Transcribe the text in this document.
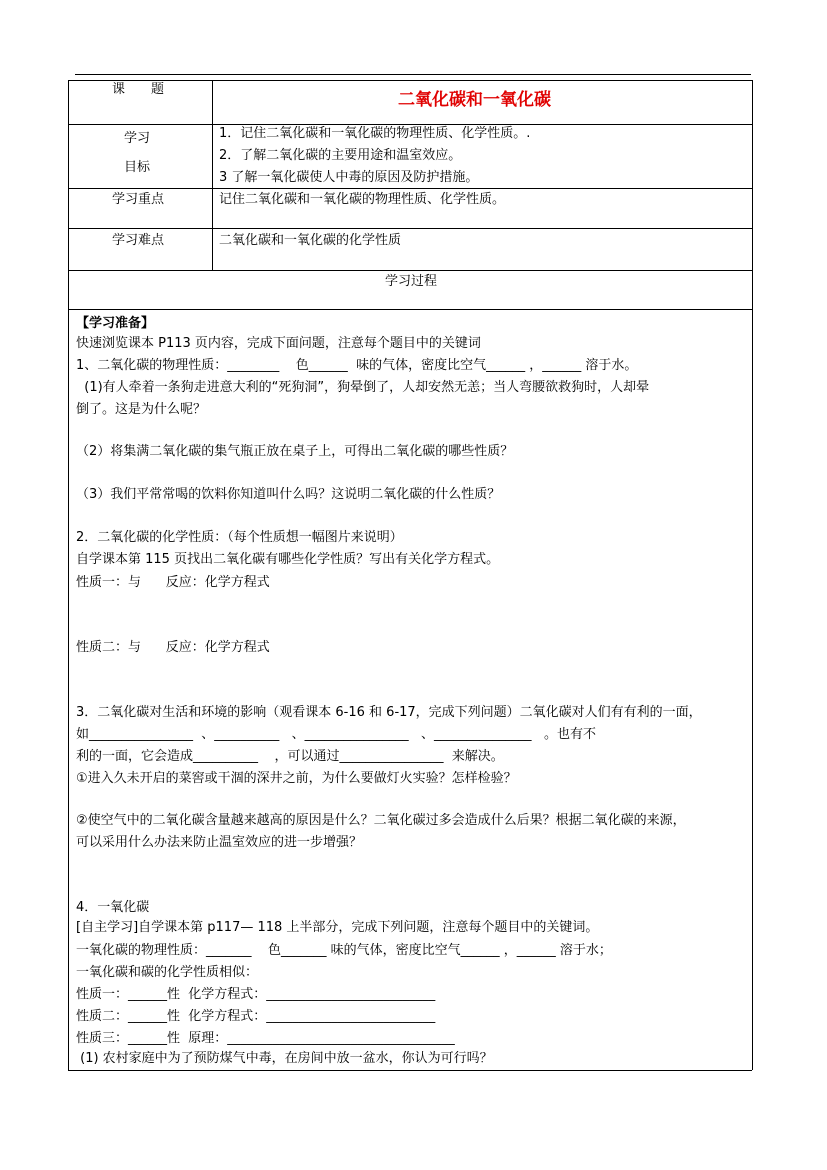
课　　题
二氧化碳和一氧化碳
学习
目标
1．记住二氧化碳和一氧化碳的物理性质、化学性质。.
2．了解二氧化碳的主要用途和温室效应。
3 了解一氧化碳使人中毒的原因及防护措施。
学习重点	记住二氧化碳和一氧化碳的物理性质、化学性质。
学习难点	二氧化碳和一氧化碳的化学性质
学习过程
【学习准备】
快速浏览课本 P113 页内容，完成下面问题，注意每个题目中的关键词
1、二氧化碳的物理性质：________    色______  味的气体，密度比空气______ ，______ 溶于水。
(1)有人牵着一条狗走进意大利的“死狗洞”，狗晕倒了，人却安然无恙；当人弯腰欲救狗时，人却晕
倒了。这是为什么呢？
（2）将集满二氧化碳的集气瓶正放在桌子上，可得出二氧化碳的哪些性质？
（3）我们平常常喝的饮料你知道叫什么吗？这说明二氧化碳的什么性质？
2．二氧化碳的化学性质：（每个性质想一幅图片来说明）
自学课本第 115 页找出二氧化碳有哪些化学性质？写出有关化学方程式。
性质一：与      反应：化学方程式
性质二：与      反应：化学方程式
3．二氧化碳对生活和环境的影响（观看课本 6-16 和 6-17，完成下列问题）二氧化碳对人们有有利的一面，
如________________  、__________   、________________   、_______________   。也有不
利的一面，它会造成__________    ，可以通过________________  来解决。
①进入久未开启的菜窖或干涸的深井之前，为什么要做灯火实验？怎样检验？
②使空气中的二氧化碳含量越来越高的原因是什么？二氧化碳过多会造成什么后果？根据二氧化碳的来源，
可以采用什么办法来防止温室效应的进一步增强？
4．一氧化碳
[自主学习]自学课本第 p117— 118 上半部分，完成下列问题，注意每个题目中的关键词。
一氧化碳的物理性质：_______    色_______ 味的气体，密度比空气______ ，______ 溶于水；
一氧化碳和碳的化学性质相似：
性质一：______性  化学方程式：__________________________
性质二：______性  化学方程式：__________________________
性质三：______性  原理：___________________________________
(1) 农村家庭中为了预防煤气中毒，在房间中放一盆水，你认为可行吗？
